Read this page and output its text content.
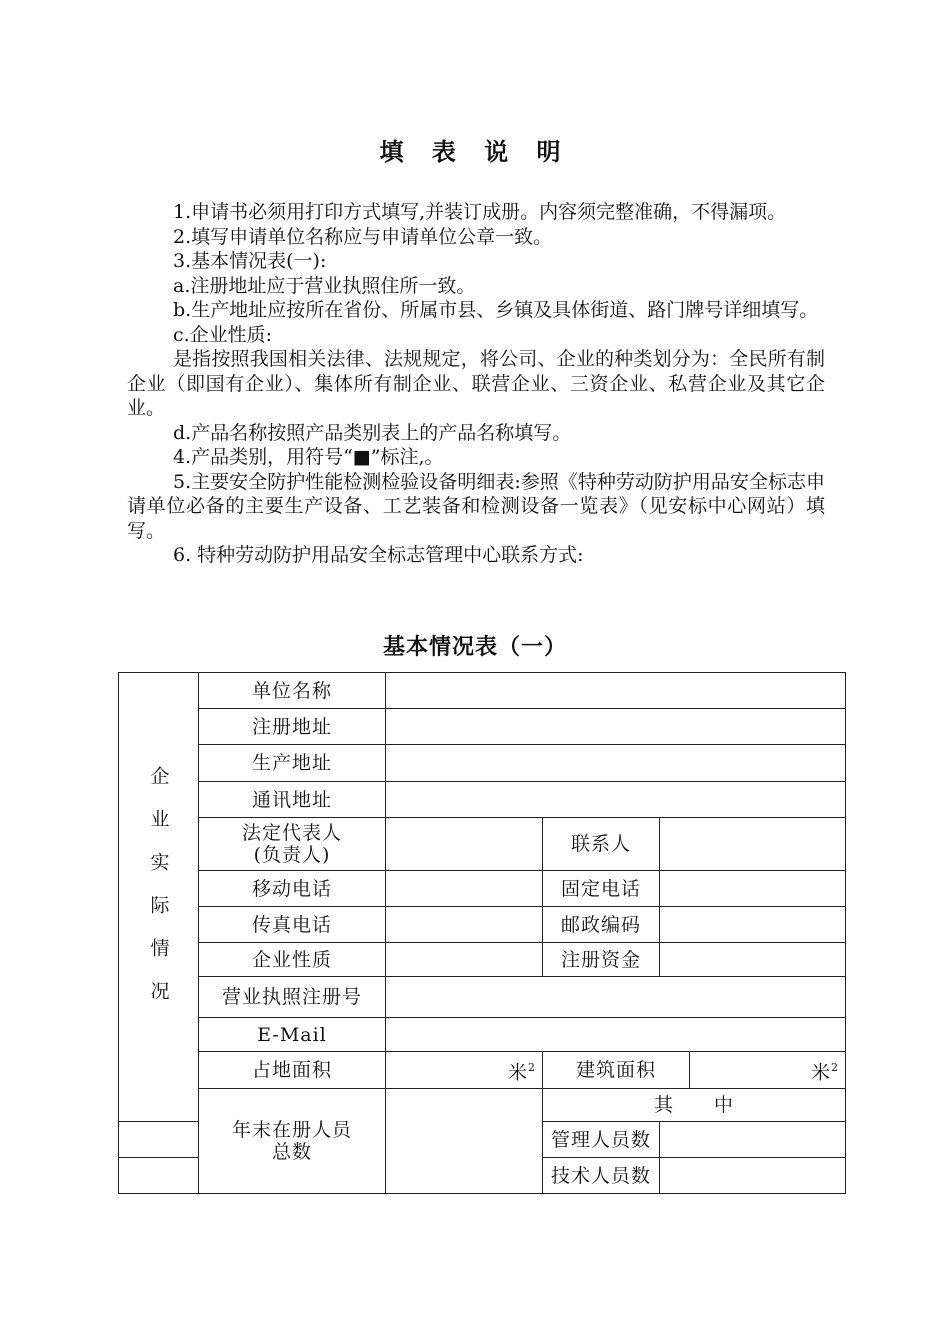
填 表 说 明

1.申请书必须用打印方式填写,并装订成册。内容须完整准确，不得漏项。

2.填写申请单位名称应与申请单位公章一致。

3.基本情况表(一):

a.注册地址应于营业执照住所一致。

b.生产地址应按所在省份、所属市县、乡镇及具体街道、路门牌号详细填写。

c.企业性质:

是指按照我国相关法律、法规规定，将公司、企业的种类划分为：全民所有制企业（即国有企业）、集体所有制企业、联营企业、三资企业、私营企业及其它企业。

d.产品名称按照产品类别表上的产品名称填写。

4.产品类别，用符号“■”标注,。

5.主要安全防护性能检测检验设备明细表:参照《特种劳动防护用品安全标志申请单位必备的主要生产设备、工艺装备和检测设备一览表》（见安标中心网站）填写。

6. 特种劳动防护用品安全标志管理中心联系方式:

基本情况表（一）
企业实际情况	单位名称				
	注册地址				
	生产地址				
	通讯地址				

	法定代表人
(负责人)		联系人		
	移动电话		固定电话		
	传真电话		邮政编码		
	企业性质		注册资金		
	营业执照注册号				
	E-Mail				
	占地面积	米$^2$	建筑面积		米$^2$

	年末在册人员
总数		其　　中		
			管理人员数		
			技术人员数		
